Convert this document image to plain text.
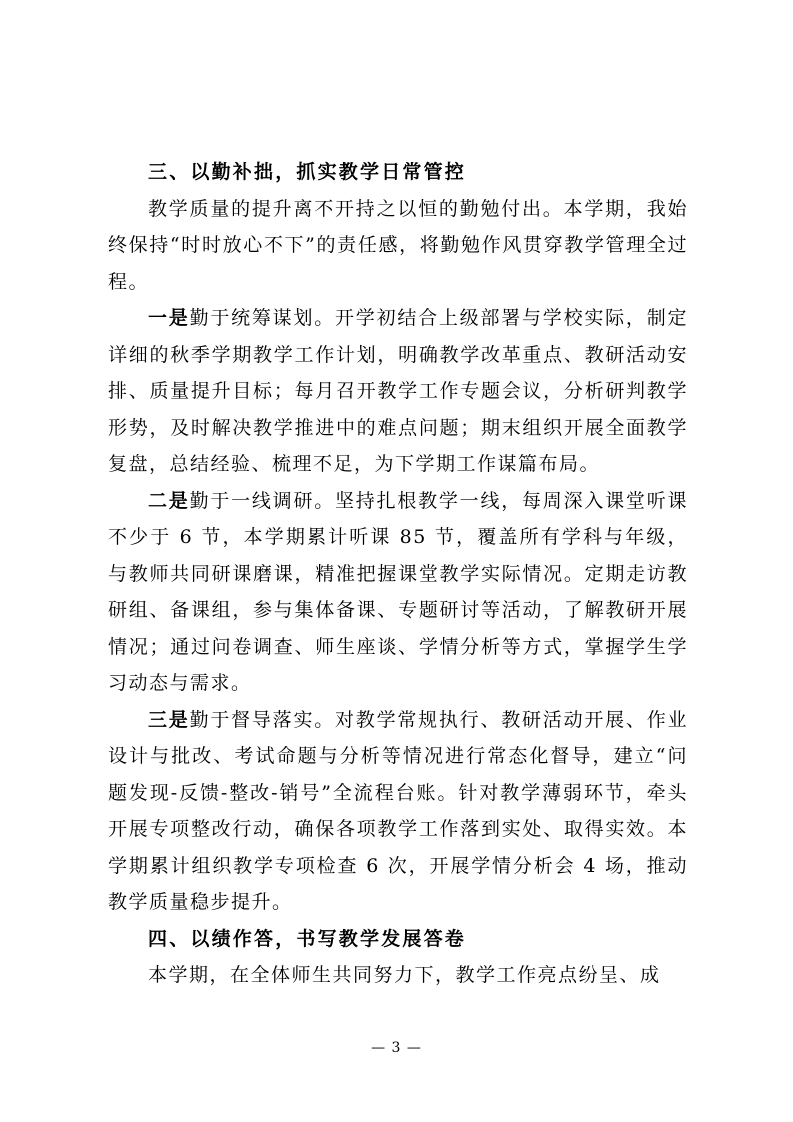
三、以勤补拙，抓实教学日常管控

教学质量的提升离不开持之以恒的勤勉付出。本学期，我始终保持“时时放心不下”的责任感，将勤勉作风贯穿教学管理全过程。

一是勤于统筹谋划。开学初结合上级部署与学校实际，制定详细的秋季学期教学工作计划，明确教学改革重点、教研活动安排、质量提升目标；每月召开教学工作专题会议，分析研判教学形势，及时解决教学推进中的难点问题；期末组织开展全面教学复盘，总结经验、梳理不足，为下学期工作谋篇布局。

二是勤于一线调研。坚持扎根教学一线，每周深入课堂听课不少于 6 节，本学期累计听课 85 节，覆盖所有学科与年级，与教师共同研课磨课，精准把握课堂教学实际情况。定期走访教研组、备课组，参与集体备课、专题研讨等活动，了解教研开展情况；通过问卷调查、师生座谈、学情分析等方式，掌握学生学习动态与需求。

三是勤于督导落实。对教学常规执行、教研活动开展、作业设计与批改、考试命题与分析等情况进行常态化督导，建立“问题发现-反馈-整改-销号”全流程台账。针对教学薄弱环节，牵头开展专项整改行动，确保各项教学工作落到实处、取得实效。本学期累计组织教学专项检查 6 次，开展学情分析会 4 场，推动教学质量稳步提升。

四、以绩作答，书写教学发展答卷

本学期，在全体师生共同努力下，教学工作亮点纷呈、成

— 3 —
